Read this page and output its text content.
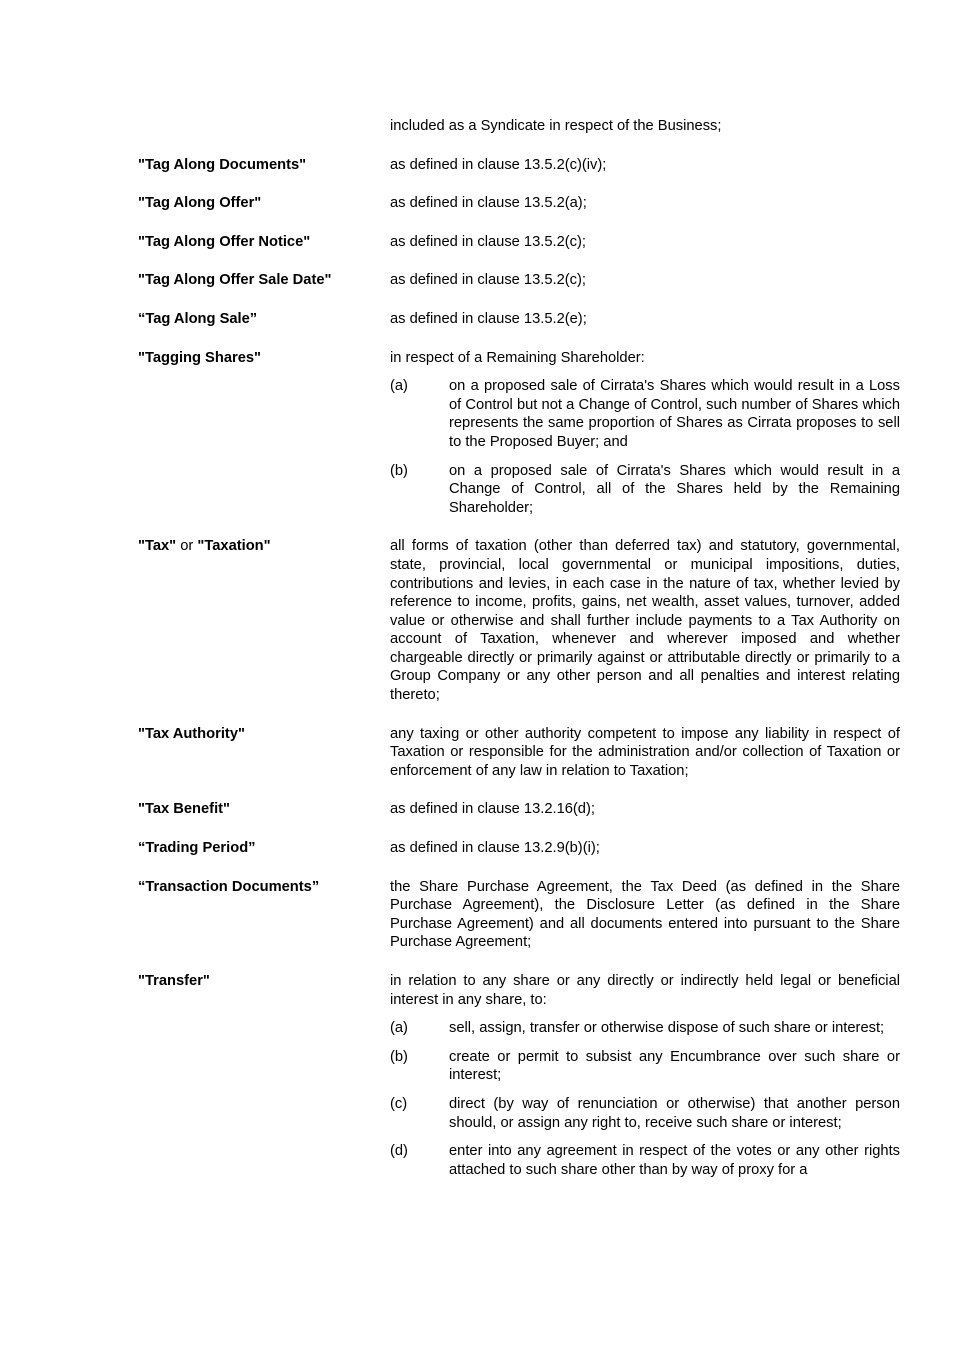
included as a Syndicate in respect of the Business;
"Tag Along Documents"	as defined in clause 13.5.2(c)(iv);
"Tag Along Offer"	as defined in clause 13.5.2(a);
"Tag Along Offer Notice"	as defined in clause 13.5.2(c);
"Tag Along Offer Sale Date"	as defined in clause 13.5.2(c);
“Tag Along Sale”	as defined in clause 13.5.2(e);
"Tagging Shares"	in respect of a Remaining Shareholder:
(a)	on a proposed sale of Cirrata's Shares which would result in a Loss of Control but not a Change of Control, such number of Shares which represents the same proportion of Shares as Cirrata proposes to sell to the Proposed Buyer; and
(b)	on a proposed sale of Cirrata's Shares which would result in a Change of Control, all of the Shares held by the Remaining Shareholder;
"Tax" or "Taxation"	all forms of taxation (other than deferred tax) and statutory, governmental, state, provincial, local governmental or municipal impositions, duties, contributions and levies, in each case in the nature of tax, whether levied by reference to income, profits, gains, net wealth, asset values, turnover, added value or otherwise and shall further include payments to a Tax Authority on account of Taxation, whenever and wherever imposed and whether chargeable directly or primarily against or attributable directly or primarily to a Group Company or any other person and all penalties and interest relating thereto;
"Tax Authority"	any taxing or other authority competent to impose any liability in respect of Taxation or responsible for the administration and/or collection of Taxation or enforcement of any law in relation to Taxation;
"Tax Benefit"	as defined in clause 13.2.16(d);
“Trading Period”	as defined in clause 13.2.9(b)(i);
“Transaction Documents”	the Share Purchase Agreement, the Tax Deed (as defined in the Share Purchase Agreement), the Disclosure Letter (as defined in the Share Purchase Agreement) and all documents entered into pursuant to the Share Purchase Agreement;
"Transfer"	in relation to any share or any directly or indirectly held legal or beneficial interest in any share, to:
(a)	sell, assign, transfer or otherwise dispose of such share or interest;
(b)	create or permit to subsist any Encumbrance over such share or interest;
(c)	direct (by way of renunciation or otherwise) that another person should, or assign any right to, receive such share or interest;
(d)	enter into any agreement in respect of the votes or any other rights attached to such share other than by way of proxy for a
